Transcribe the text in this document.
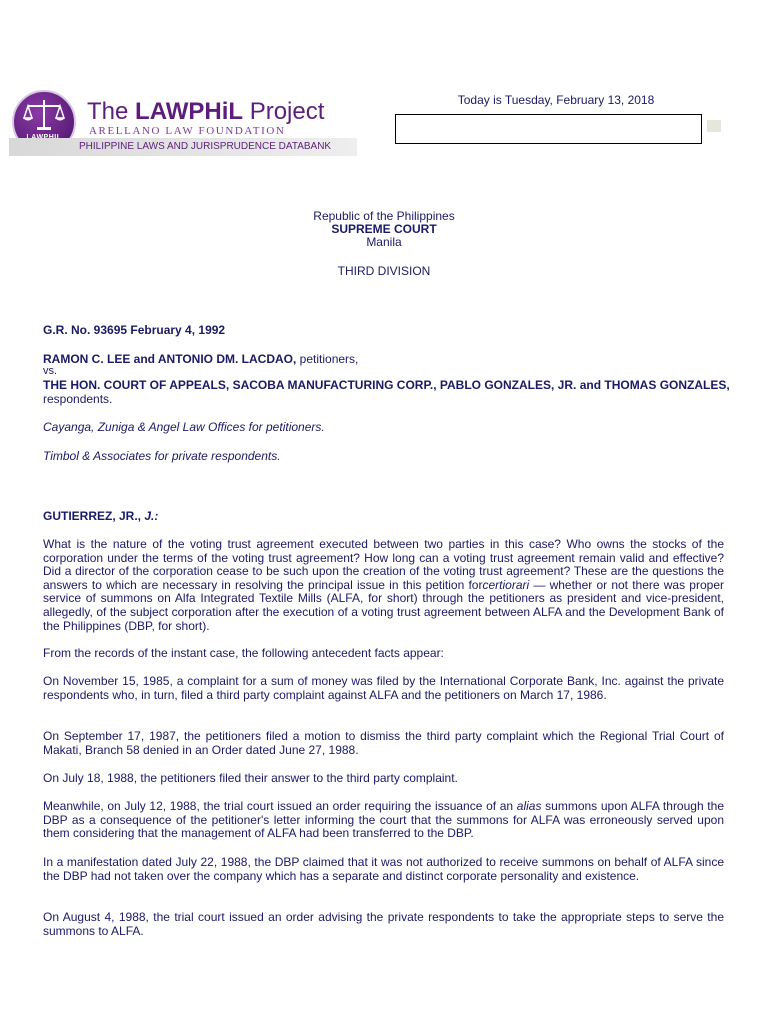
The LAWPHiL Project
ARELLANO LAW FOUNDATION
PHILIPPINE LAWS AND JURISPRUDENCE DATABANK
Today is Tuesday, February 13, 2018
Republic of the Philippines
SUPREME COURT
Manila
THIRD DIVISION

G.R. No. 93695 February 4, 1992

RAMON C. LEE and ANTONIO DM. LACDAO, petitioners,

vs.

THE HON. COURT OF APPEALS, SACOBA MANUFACTURING CORP., PABLO GONZALES, JR. and THOMAS GONZALES, respondents.

Cayanga, Zuniga & Angel Law Offices for petitioners.

Timbol & Associates for private respondents.

GUTIERREZ, JR., J.:

What is the nature of the voting trust agreement executed between two parties in this case? Who owns the stocks of the corporation under the terms of the voting trust agreement? How long can a voting trust agreement remain valid and effective? Did a director of the corporation cease to be such upon the creation of the voting trust agreement? These are the questions the answers to which are necessary in resolving the principal issue in this petition forcertiorari — whether or not there was proper service of summons on Alfa Integrated Textile Mills (ALFA, for short) through the petitioners as president and vice-president, allegedly, of the subject corporation after the execution of a voting trust agreement between ALFA and the Development Bank of the Philippines (DBP, for short).

From the records of the instant case, the following antecedent facts appear:

On November 15, 1985, a complaint for a sum of money was filed by the International Corporate Bank, Inc. against the private respondents who, in turn, filed a third party complaint against ALFA and the petitioners on March 17, 1986.

On September 17, 1987, the petitioners filed a motion to dismiss the third party complaint which the Regional Trial Court of Makati, Branch 58 denied in an Order dated June 27, 1988.

On July 18, 1988, the petitioners filed their answer to the third party complaint.

Meanwhile, on July 12, 1988, the trial court issued an order requiring the issuance of an alias summons upon ALFA through the DBP as a consequence of the petitioner's letter informing the court that the summons for ALFA was erroneously served upon them considering that the management of ALFA had been transferred to the DBP.

In a manifestation dated July 22, 1988, the DBP claimed that it was not authorized to receive summons on behalf of ALFA since the DBP had not taken over the company which has a separate and distinct corporate personality and existence.

On August 4, 1988, the trial court issued an order advising the private respondents to take the appropriate steps to serve the summons to ALFA.
